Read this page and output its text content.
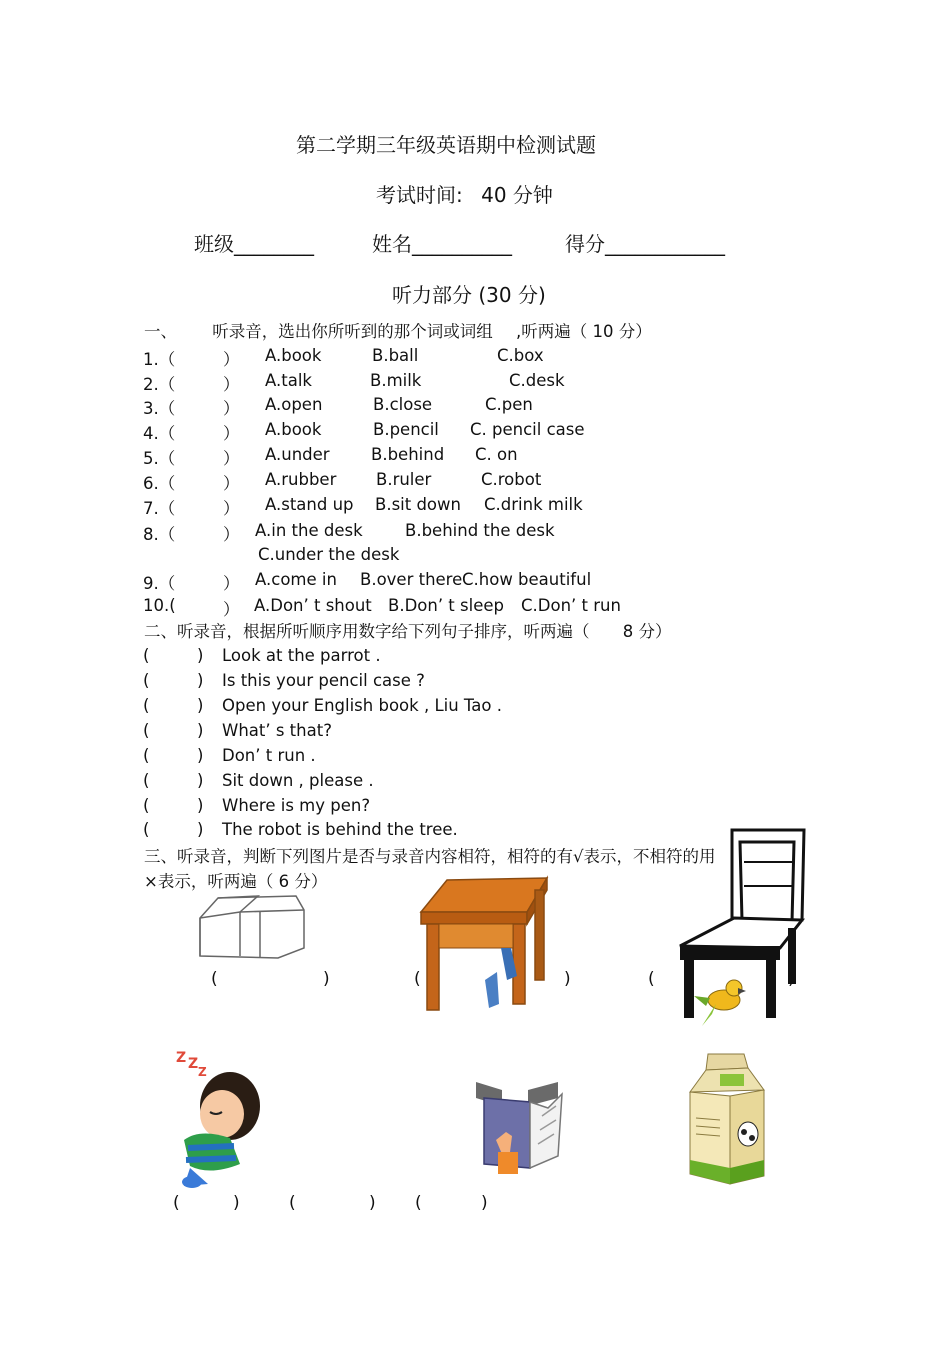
第二学期三年级英语期中检测试题
考试时间: 40 分钟
班级________	姓名__________	得分____________
听力部分 (30 分)
一、 听录音，选出你所听到的那个词或词组 ,听两遍（ 10 分）
1.（	） A.book	B.ball	C.box
2.（	） A.talk	B.milk	C.desk
3.（	） A.open	B.close	C.pen
4.（	） A.book	B.pencil C. pencil case
5.（	） A.under	B.behind C. on
6.（	） A.rubber B.ruler	C.robot
7.（	） A.stand up B.sit down C.drink milk
8.（	） A.in the desk	B.behind the desk
C.under the desk
9.（	） A.come in B.over there C.how beautiful
10.(	） A.Don’ t shout B.Don’ t sleep C.Don’ t run
二、听录音，根据所听顺序用数字给下列句子排序，听两遍（ 8 分）
(	) Look at the parrot .
(	) Is this your pencil case ?
(	) Open your English book , Liu Tao .
(	) What’ s that?
(	) Don’ t run .
(	) Sit down , please .
(	) Where is my pen?
(	) The robot is behind the tree.
三、听录音，判断下列图片是否与录音内容相符，相符的有√表示，不相符的用
×表示，听两遍（ 6 分）
Z Z Z
(	)	(	)	(	)
(	)	(	) (	)
